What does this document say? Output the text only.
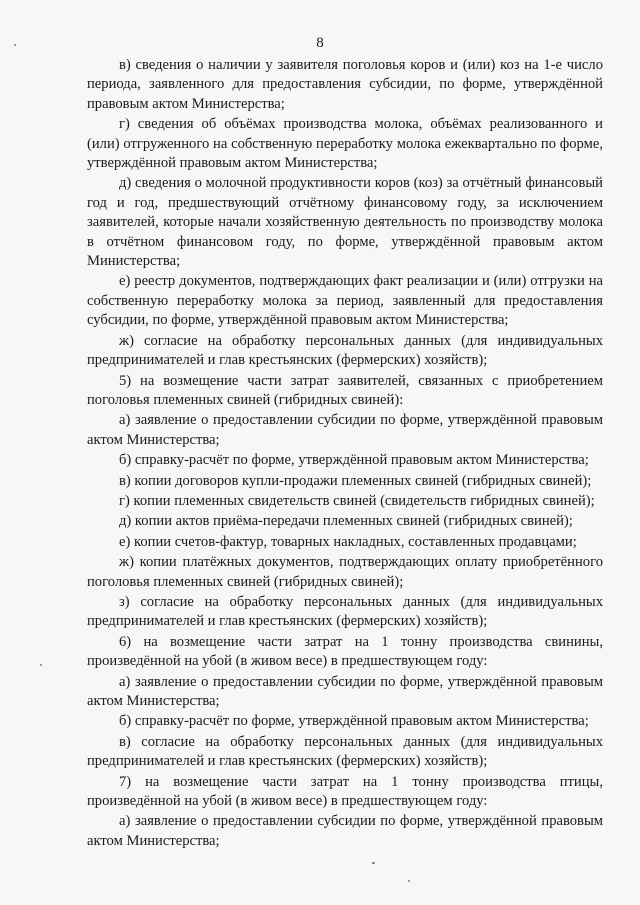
8

в) сведения о наличии у заявителя поголовья коров и (или) коз на 1-е число периода, заявленного для предоставления субсидии, по форме, утверждённой правовым актом Министерства;

г) сведения об объёмах производства молока, объёмах реализованного и (или) отгруженного на собственную переработку молока ежеквартально по форме, утверждённой правовым актом Министерства;

д) сведения о молочной продуктивности коров (коз) за отчётный финансовый год и год, предшествующий отчётному финансовому году, за исключением заявителей, которые начали хозяйственную деятельность по производству молока в отчётном финансовом году, по форме, утверждённой правовым актом Министерства;

е) реестр документов, подтверждающих факт реализации и (или) отгрузки на собственную переработку молока за период, заявленный для предоставления субсидии, по форме, утверждённой правовым актом Министерства;

ж) согласие на обработку персональных данных (для индивидуальных предпринимателей и глав крестьянских (фермерских) хозяйств);

5) на возмещение части затрат заявителей, связанных с приобретением поголовья племенных свиней (гибридных свиней):

а) заявление о предоставлении субсидии по форме, утверждённой правовым актом Министерства;

б) справку-расчёт по форме, утверждённой правовым актом Министерства;

в) копии договоров купли-продажи племенных свиней (гибридных свиней);

г) копии племенных свидетельств свиней (свидетельств гибридных свиней);

д) копии актов приёма-передачи племенных свиней (гибридных свиней);

е) копии счетов-фактур, товарных накладных, составленных продавцами;

ж) копии платёжных документов, подтверждающих оплату приобретённого поголовья племенных свиней (гибридных свиней);

з) согласие на обработку персональных данных (для индивидуальных предпринимателей и глав крестьянских (фермерских) хозяйств);

6) на возмещение части затрат на 1 тонну производства свинины, произведённой на убой (в живом весе) в предшествующем году:

а) заявление о предоставлении субсидии по форме, утверждённой правовым актом Министерства;

б) справку-расчёт по форме, утверждённой правовым актом Министерства;

в) согласие на обработку персональных данных (для индивидуальных предпринимателей и глав крестьянских (фермерских) хозяйств);

7) на возмещение части затрат на 1 тонну производства птицы, произведённой на убой (в живом весе) в предшествующем году:

а) заявление о предоставлении субсидии по форме, утверждённой правовым актом Министерства;
